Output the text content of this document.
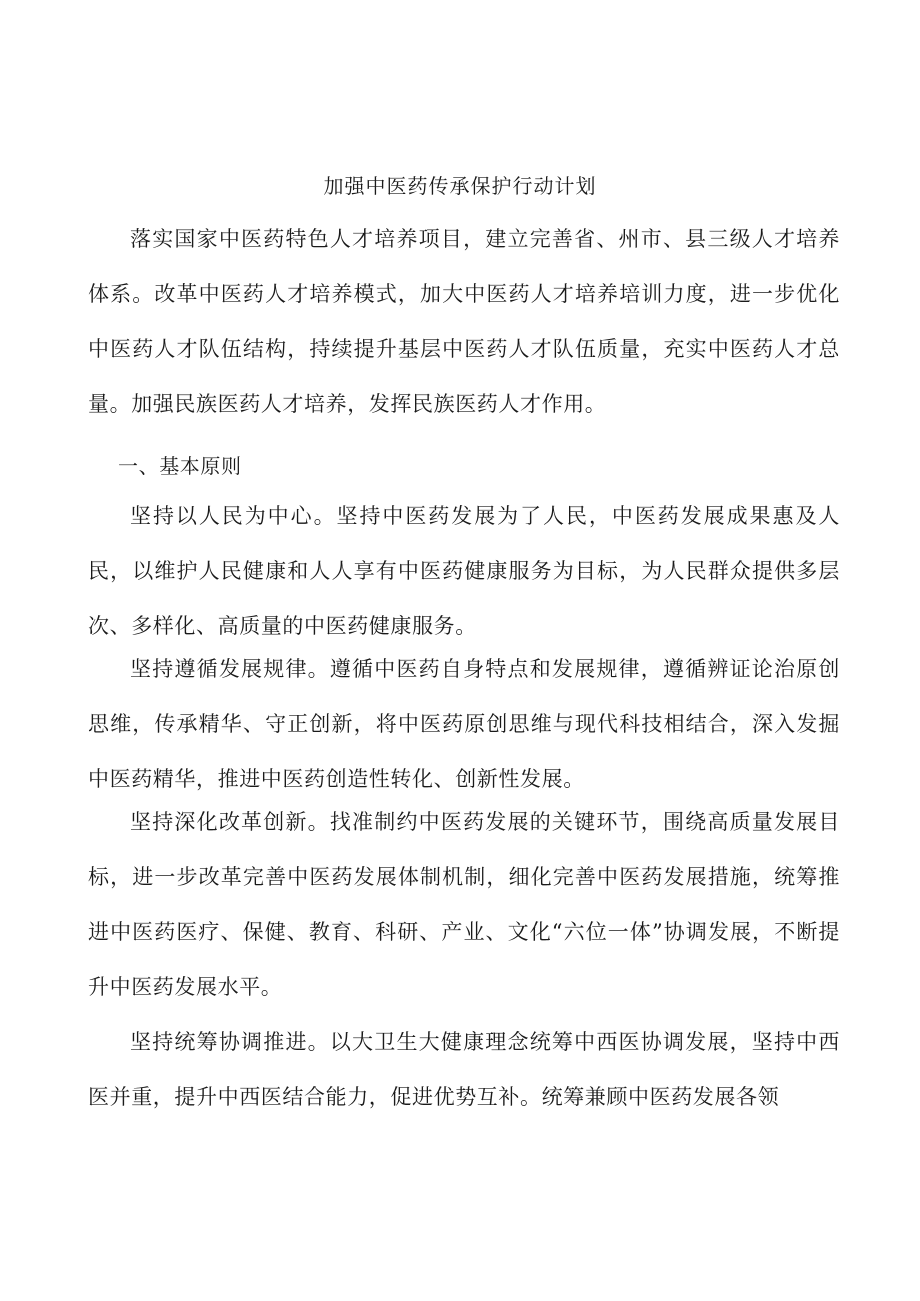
加强中医药传承保护行动计划

落实国家中医药特色人才培养项目，建立完善省、州市、县三级人才培养体系。改革中医药人才培养模式，加大中医药人才培养培训力度，进一步优化中医药人才队伍结构，持续提升基层中医药人才队伍质量，充实中医药人才总量。加强民族医药人才培养，发挥民族医药人才作用。

一、基本原则

坚持以人民为中心。坚持中医药发展为了人民，中医药发展成果惠及人民，以维护人民健康和人人享有中医药健康服务为目标，为人民群众提供多层次、多样化、高质量的中医药健康服务。

坚持遵循发展规律。遵循中医药自身特点和发展规律，遵循辨证论治原创思维，传承精华、守正创新，将中医药原创思维与现代科技相结合，深入发掘中医药精华，推进中医药创造性转化、创新性发展。

坚持深化改革创新。找准制约中医药发展的关键环节，围绕高质量发展目标，进一步改革完善中医药发展体制机制，细化完善中医药发展措施，统筹推进中医药医疗、保健、教育、科研、产业、文化“六位一体”协调发展，不断提升中医药发展水平。

坚持统筹协调推进。以大卫生大健康理念统筹中西医协调发展，坚持中西医并重，提升中西医结合能力，促进优势互补。统筹兼顾中医药发展各领
